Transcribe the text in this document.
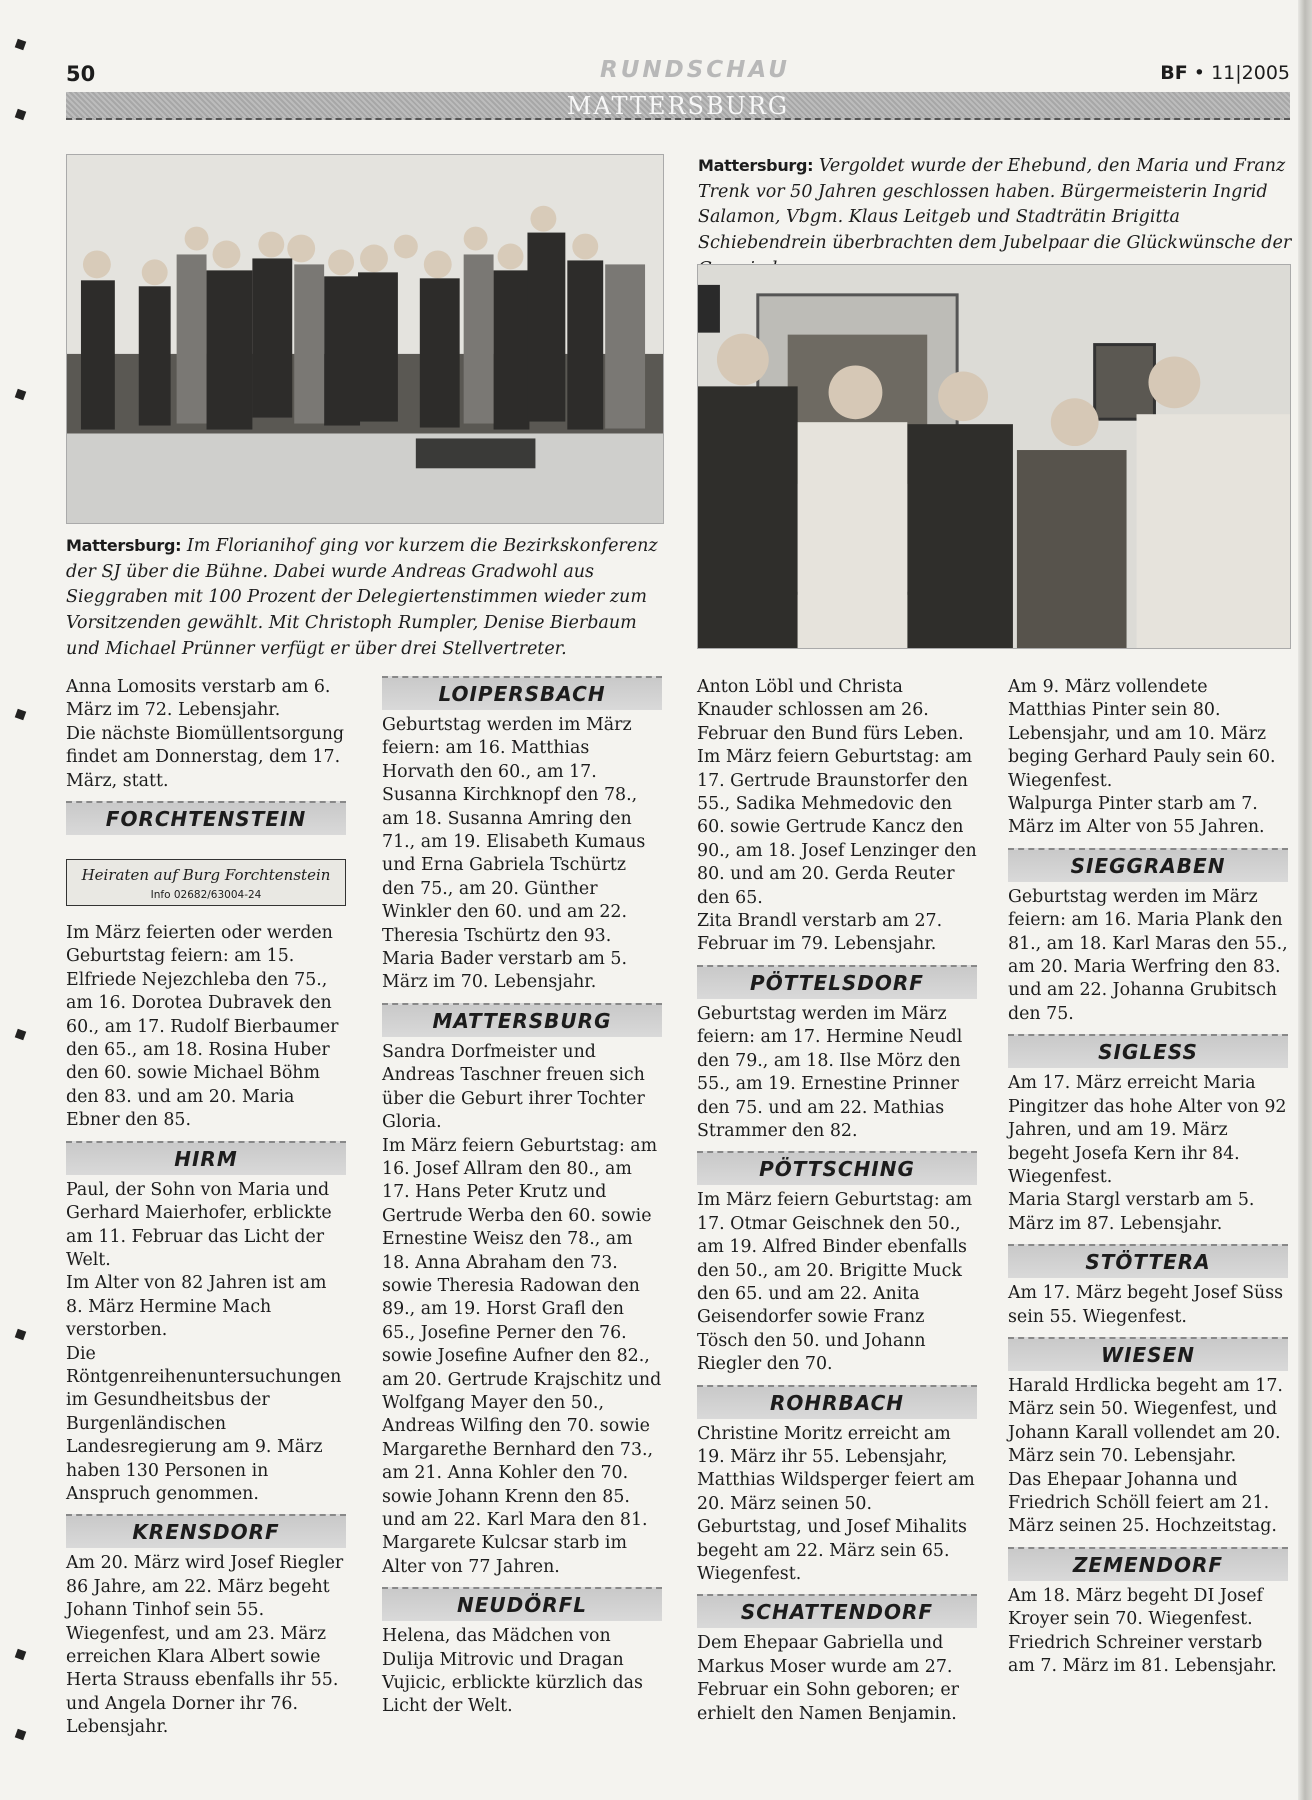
50	RUNDSCHAU	BF • 11|2005
MATTERSBURG
Mattersburg: Im Florianihof ging vor kurzem die Bezirkskonferenz der SJ über die Bühne. Dabei wurde Andreas Gradwohl aus Sieggraben mit 100 Prozent der Delegiertenstimmen wieder zum Vorsitzenden gewählt. Mit Christoph Rumpler, Denise Bierbaum und Michael Prünner verfügt er über drei Stellvertreter.
Mattersburg: Vergoldet wurde der Ehebund, den Maria und Franz Trenk vor 50 Jahren geschlossen haben. Bürgermeisterin Ingrid Salamon, Vbgm. Klaus Leitgeb und Stadträtin Brigitta Schiebendrein überbrachten dem Jubelpaar die Glückwünsche der

Anna Lomosits verstarb am 6. März im 72. Lebensjahr.

Die nächste Biomüllentsorgung findet am Donnerstag, dem 17. März, statt.

FORCHTENSTEIN
Heiraten auf Burg Forchtenstein
Info 02682/63004-24

Im März feierten oder werden Geburtstag feiern: am 15. Elfriede Nejezchleba den 75., am 16. Dorotea Dubravek den 60., am 17. Rudolf Bierbaumer den 65., am 18. Rosina Huber den 60. sowie Michael Böhm den 83. und am 20. Maria Ebner den 85.

HIRM

Paul, der Sohn von Maria und Gerhard Maierhofer, erblickte am 11. Februar das Licht der Welt.

Im Alter von 82 Jahren ist am 8. März Hermine Mach verstorben.

Die Röntgenreihenuntersuchungen im Gesundheitsbus der Burgenländischen Landesregierung am 9. März haben 130 Personen in Anspruch genommen.

KRENSDORF

Am 20. März wird Josef Riegler 86 Jahre, am 22. März begeht Johann Tinhof sein 55. Wiegenfest, und am 23. März erreichen Klara Albert sowie Herta Strauss ebenfalls ihr 55. und Angela Dorner ihr 76. Lebensjahr.

LOIPERSBACH

Geburtstag werden im März feiern: am 16. Matthias Horvath den 60., am 17. Susanna Kirchknopf den 78., am 18. Susanna Amring den 71., am 19. Elisabeth Kumaus und Erna Gabriela Tschürtz den 75., am 20. Günther Winkler den 60. und am 22. Theresia Tschürtz den 93.

Maria Bader verstarb am 5. März im 70. Lebensjahr.

MATTERSBURG

Sandra Dorfmeister und Andreas Taschner freuen sich über die Geburt ihrer Tochter Gloria.

Im März feiern Geburtstag: am 16. Josef Allram den 80., am 17. Hans Peter Krutz und Gertrude Werba den 60. sowie Ernestine Weisz den 78., am 18. Anna Abraham den 73. sowie Theresia Radowan den 89., am 19. Horst Grafl den 65., Josefine Perner den 76. sowie Josefine Aufner den 82., am 20. Gertrude Krajschitz und Wolfgang Mayer den 50., Andreas Wilfing den 70. sowie Margarethe Bernhard den 73., am 21. Anna Kohler den 70. sowie Johann Krenn den 85. und am 22. Karl Mara den 81.

Margarete Kulcsar starb im Alter von 77 Jahren.

NEUDÖRFL

Helena, das Mädchen von Dulija Mitrovic und Dragan Vujicic, erblickte kürzlich das Licht der Welt.

Anton Löbl und Christa Knauder schlossen am 26. Februar den Bund fürs Leben.

Im März feiern Geburtstag: am 17. Gertrude Braunstorfer den 55., Sadika Mehmedovic den 60. sowie Gertrude Kancz den 90., am 18. Josef Lenzinger den 80. und am 20. Gerda Reuter den 65.

Zita Brandl verstarb am 27. Februar im 79. Lebensjahr.

PÖTTELSDORF

Geburtstag werden im März feiern: am 17. Hermine Neudl den 79., am 18. Ilse Mörz den 55., am 19. Ernestine Prinner den 75. und am 22. Mathias Strammer den 82.

PÖTTSCHING

Im März feiern Geburtstag: am 17. Otmar Geischnek den 50., am 19. Alfred Binder ebenfalls den 50., am 20. Brigitte Muck den 65. und am 22. Anita Geisendorfer sowie Franz Tösch den 50. und Johann Riegler den 70.

ROHRBACH

Christine Moritz erreicht am 19. März ihr 55. Lebensjahr, Matthias Wildsperger feiert am 20. März seinen 50. Geburtstag, und Josef Mihalits begeht am 22. März sein 65. Wiegenfest.

SCHATTENDORF

Dem Ehepaar Gabriella und Markus Moser wurde am 27. Februar ein Sohn geboren; er erhielt den Namen Benjamin.

Am 9. März vollendete Matthias Pinter sein 80. Lebensjahr, und am 10. März beging Gerhard Pauly sein 60. Wiegenfest.

Walpurga Pinter starb am 7. März im Alter von 55 Jahren.

SIEGGRABEN

Geburtstag werden im März feiern: am 16. Maria Plank den 81., am 18. Karl Maras den 55., am 20. Maria Werfring den 83. und am 22. Johanna Grubitsch den 75.

SIGLESS

Am 17. März erreicht Maria Pingitzer das hohe Alter von 92 Jahren, und am 19. März begeht Josefa Kern ihr 84. Wiegenfest.

Maria Stargl verstarb am 5. März im 87. Lebensjahr.

STÖTTERA

Am 17. März begeht Josef Süss sein 55. Wiegenfest.

WIESEN

Harald Hrdlicka begeht am 17. März sein 50. Wiegenfest, und Johann Karall vollendet am 20. März sein 70. Lebensjahr.

Das Ehepaar Johanna und Friedrich Schöll feiert am 21. März seinen 25. Hochzeitstag.

ZEMENDORF

Am 18. März begeht DI Josef Kroyer sein 70. Wiegenfest.

Friedrich Schreiner verstarb am 7. März im 81. Lebensjahr.
